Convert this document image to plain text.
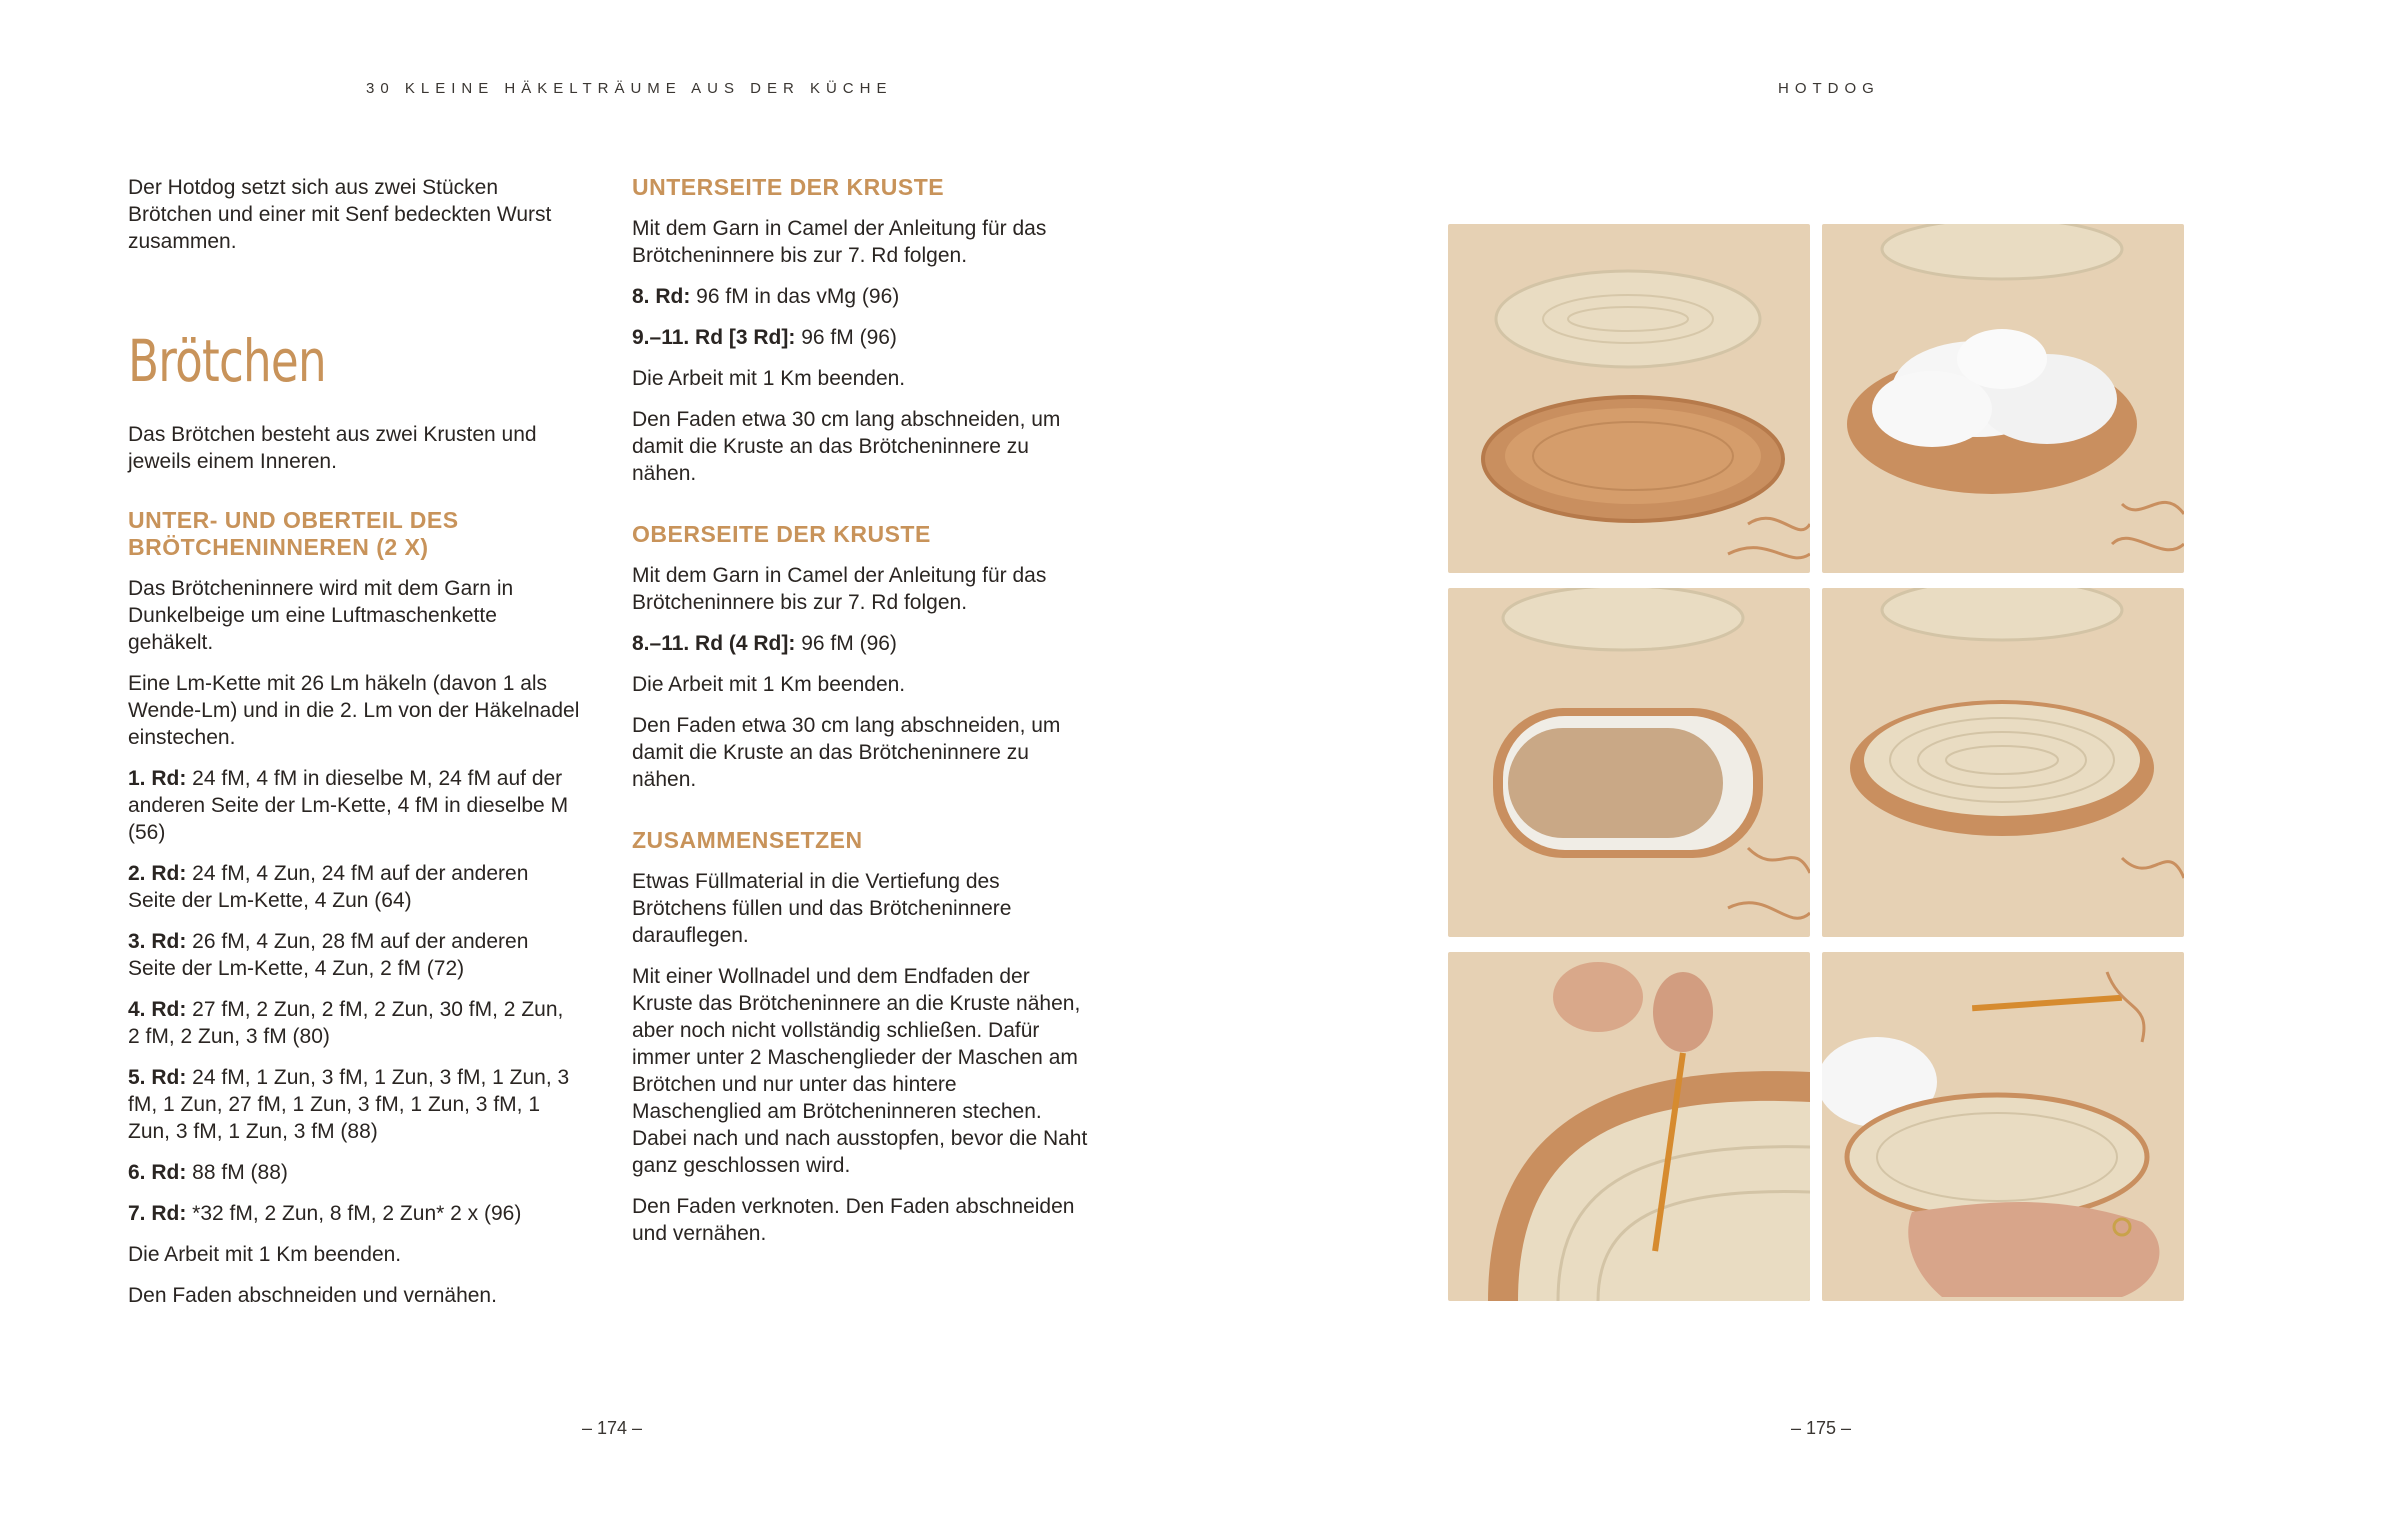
30 KLEINE HÄKELTRÄUME AUS DER KÜCHE

Der Hotdog setzt sich aus zwei Stücken Brötchen und einer mit Senf bedeckten Wurst zusammen.

Brötchen

Das Brötchen besteht aus zwei Krusten und jeweils einem Inneren.

UNTER- UND OBERTEIL DES BRÖTCHENINNEREN (2 X)

Das Brötcheninnere wird mit dem Garn in Dunkelbeige um eine Luftmaschenkette gehäkelt.

Eine Lm-Kette mit 26 Lm häkeln (davon 1 als Wende-Lm) und in die 2. Lm von der Häkelnadel einstechen.

1. Rd: 24 fM, 4 fM in dieselbe M, 24 fM auf der anderen Seite der Lm-Kette, 4 fM in dieselbe M (56)

2. Rd: 24 fM, 4 Zun, 24 fM auf der anderen Seite der Lm-Kette, 4 Zun (64)

3. Rd: 26 fM, 4 Zun, 28 fM auf der anderen Seite der Lm-Kette, 4 Zun, 2 fM (72)

4. Rd: 27 fM, 2 Zun, 2 fM, 2 Zun, 30 fM, 2 Zun, 2 fM, 2 Zun, 3 fM (80)

5. Rd: 24 fM, 1 Zun, 3 fM, 1 Zun, 3 fM, 1 Zun, 3 fM, 1 Zun, 27 fM, 1 Zun, 3 fM, 1 Zun, 3 fM, 1 Zun, 3 fM, 1 Zun, 3 fM (88)

6. Rd: 88 fM (88)

7. Rd: *32 fM, 2 Zun, 8 fM, 2 Zun* 2 x (96)

Die Arbeit mit 1 Km beenden.

Den Faden abschneiden und vernähen.

UNTERSEITE DER KRUSTE

Mit dem Garn in Camel der Anleitung für das Brötcheninnere bis zur 7. Rd folgen.

8. Rd: 96 fM in das vMg (96)

9.–11. Rd [3 Rd]: 96 fM (96)

Die Arbeit mit 1 Km beenden.

Den Faden etwa 30 cm lang abschneiden, um damit die Kruste an das Brötcheninnere zu nähen.

OBERSEITE DER KRUSTE

Mit dem Garn in Camel der Anleitung für das Brötcheninnere bis zur 7. Rd folgen.

8.–11. Rd (4 Rd]: 96 fM (96)

Die Arbeit mit 1 Km beenden.

Den Faden etwa 30 cm lang abschneiden, um damit die Kruste an das Brötcheninnere zu nähen.

ZUSAMMENSETZEN

Etwas Füllmaterial in die Vertiefung des Brötchens füllen und das Brötcheninnere darauflegen.

Mit einer Wollnadel und dem Endfaden der Kruste das Brötcheninnere an die Kruste nähen, aber noch nicht vollständig schließen. Dafür immer unter 2 Maschenglieder der Maschen am Brötchen und nur unter das hintere Maschenglied am Brötcheninneren stechen. Dabei nach und nach ausstopfen, bevor die Naht ganz geschlossen wird.

Den Faden verknoten. Den Faden abschneiden und vernähen.

– 174 –
HOTDOG
– 175 –
